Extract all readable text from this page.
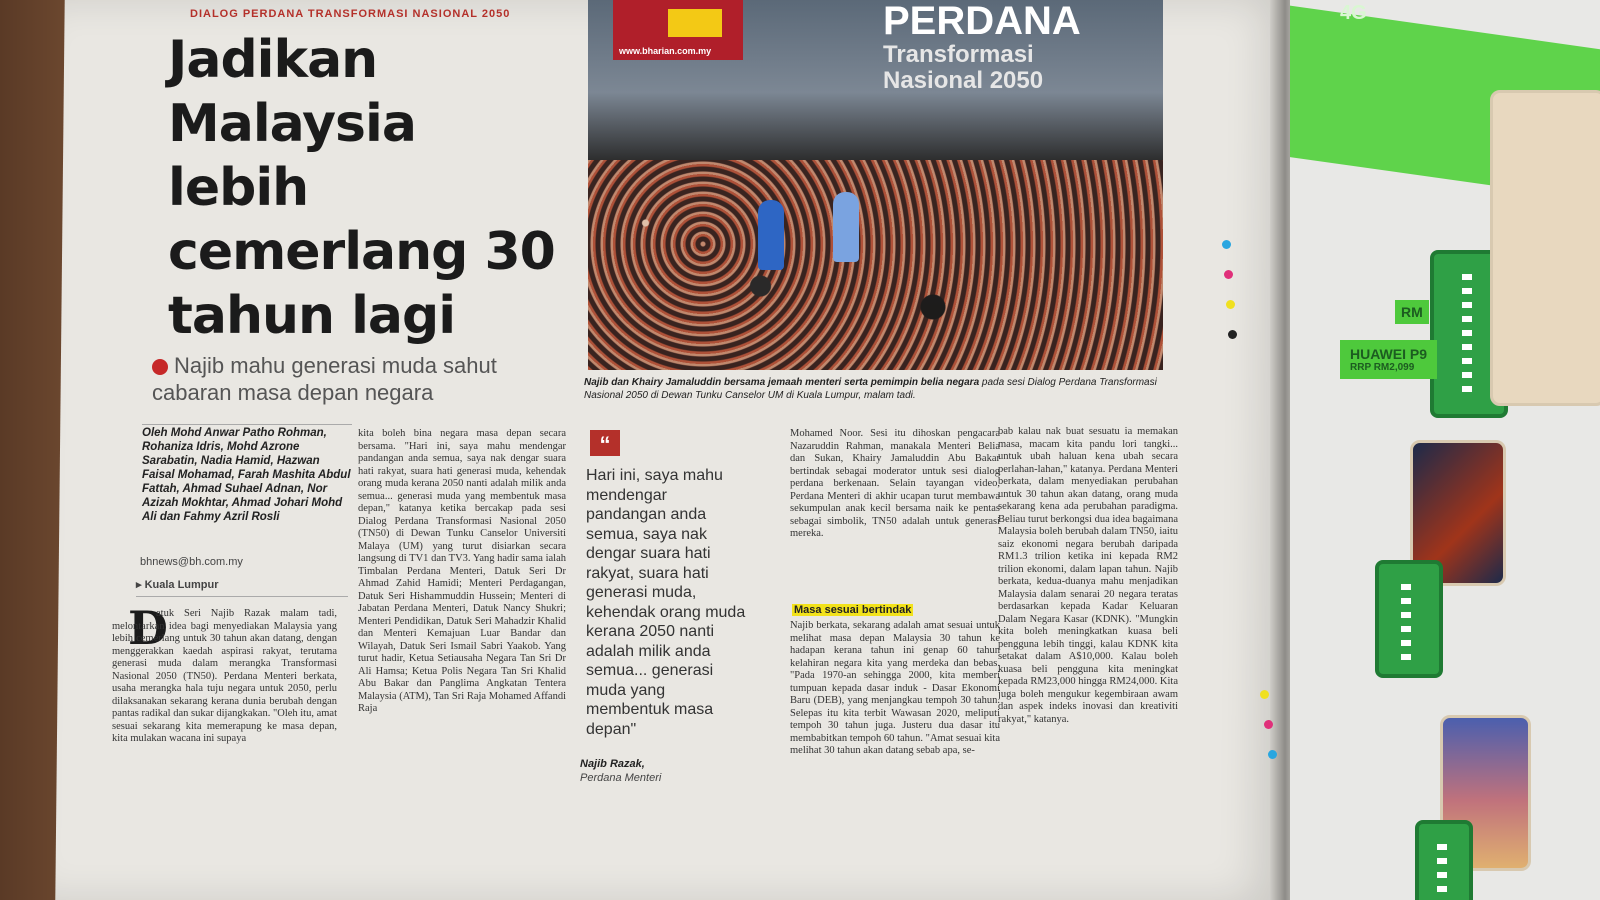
DIALOG PERDANA TRANSFORMASI NASIONAL 2050
Jadikan Malaysia lebih cemerlang 30 tahun lagi
Najib mahu generasi muda sahut cabaran masa depan negara
www.bharian.com.my
PERDANA
Transformasi
Nasional 2050
Najib dan Khairy Jamaluddin bersama jemaah menteri serta pemimpin belia negara pada sesi Dialog Perdana Transformasi Nasional 2050 di Dewan Tunku Canselor UM di Kuala Lumpur, malam tadi.
Oleh Mohd Anwar Patho Rohman, Rohaniza Idris, Mohd Azrone Sarabatin, Nadia Hamid, Hazwan Faisal Mohamad, Farah Mashita Abdul Fattah, Ahmad Suhael Adnan, Nor Azizah Mokhtar, Ahmad Johari Mohd Ali dan Fahmy Azril Rosli
bhnews@bh.com.my
▸ Kuala Lumpur
D
atuk Seri Najib Razak malam tadi, melontarkan idea bagi menyediakan Malaysia yang lebih cemerlang untuk 30 tahun akan datang, dengan menggerakkan kaedah aspirasi rakyat, terutama generasi muda dalam merangka Transformasi Nasional 2050 (TN50). Perdana Menteri berkata, usaha merangka hala tuju negara untuk 2050, perlu dilaksanakan sekarang kerana dunia berubah dengan pantas radikal dan sukar dijangkakan. "Oleh itu, amat sesuai sekarang kita memerapung ke masa depan, kita mulakan wacana ini supaya
kita boleh bina negara masa depan secara bersama. "Hari ini, saya mahu mendengar pandangan anda semua, saya nak dengar suara hati rakyat, suara hati generasi muda, kehendak orang muda kerana 2050 nanti adalah milik anda semua... generasi muda yang membentuk masa depan," katanya ketika bercakap pada sesi Dialog Perdana Transformasi Nasional 2050 (TN50) di Dewan Tunku Canselor Universiti Malaya (UM) yang turut disiarkan secara langsung di TV1 dan TV3. Yang hadir sama ialah Timbalan Perdana Menteri, Datuk Seri Dr Ahmad Zahid Hamidi; Menteri Perdagangan, Datuk Seri Hishammuddin Hussein; Menteri di Jabatan Perdana Menteri, Datuk Nancy Shukri; Menteri Pendidikan, Datuk Seri Mahadzir Khalid dan Menteri Kemajuan Luar Bandar dan Wilayah, Datuk Seri Ismail Sabri Yaakob. Yang turut hadir, Ketua Setiausaha Negara Tan Sri Dr Ali Hamsa; Ketua Polis Negara Tan Sri Khalid Abu Bakar dan Panglima Angkatan Tentera Malaysia (ATM), Tan Sri Raja Mohamed Affandi Raja
“
Hari ini, saya mahu mendengar pandangan anda semua, saya nak dengar suara hati rakyat, suara hati generasi muda, kehendak orang muda kerana 2050 nanti adalah milik anda semua... generasi muda yang membentuk masa depan"
Najib Razak,
Perdana Menteri
Mohamed Noor. Sesi itu dihoskan pengacara Nazaruddin Rahman, manakala Menteri Belia dan Sukan, Khairy Jamaluddin Abu Bakar bertindak sebagai moderator untuk sesi dialog perdana berkenaan. Selain tayangan video, Perdana Menteri di akhir ucapan turut membawa sekumpulan anak kecil bersama naik ke pentas sebagai simbolik, TN50 adalah untuk generasi mereka.
Masa sesuai bertindak
Najib berkata, sekarang adalah amat sesuai untuk melihat masa depan Malaysia 30 tahun ke hadapan kerana tahun ini genap 60 tahun kelahiran negara kita yang merdeka dan bebas. "Pada 1970-an sehingga 2000, kita memberi tumpuan kepada dasar induk - Dasar Ekonomi Baru (DEB), yang menjangkau tempoh 30 tahun. Selepas itu kita terbit Wawasan 2020, meliputi tempoh 30 tahun juga. Justeru dua dasar itu membabitkan tempoh 60 tahun. "Amat sesuai kita melihat 30 tahun akan datang sebab apa, se-
bab kalau nak buat sesuatu ia memakan masa, macam kita pandu lori tangki... untuk ubah haluan kena ubah secara perlahan-lahan," katanya. Perdana Menteri berkata, dalam menyediakan perubahan untuk 30 tahun akan datang, orang muda sekarang kena ada perubahan paradigma. Beliau turut berkongsi dua idea bagaimana Malaysia boleh berubah dalam TN50, iaitu saiz ekonomi negara berubah daripada RM1.3 trilion ketika ini kepada RM2 trilion ekonomi, dalam lapan tahun. Najib berkata, kedua-duanya mahu menjadikan Malaysia dalam senarai 20 negara teratas berdasarkan kepada Kadar Keluaran Dalam Negara Kasar (KDNK). "Mungkin kita boleh meningkatkan kuasa beli pengguna lebih tinggi, kalau KDNK kita setakat dalam A$10,000. Kalau boleh kuasa beli pengguna kita meningkat kepada RM23,000 hingga RM24,000. Kita juga boleh mengukur kegembiraan awam dan aspek indeks inovasi dan kreativiti rakyat," katanya.
4G
HUAWEI P9
RRP RM2,099
RM
